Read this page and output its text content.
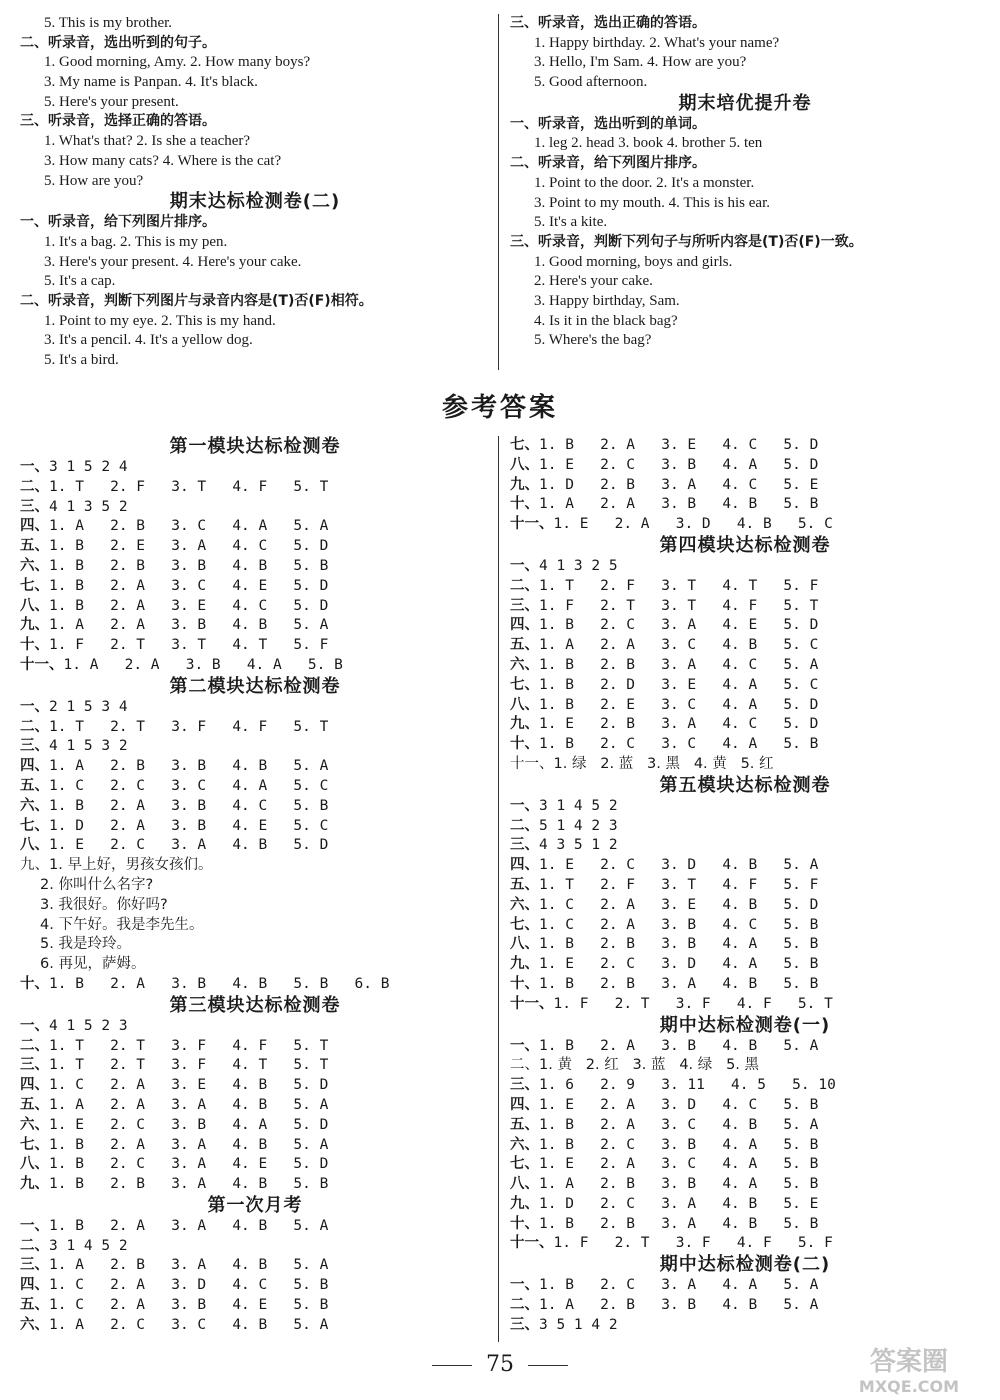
5. This is my brother.
二、听录音，选出听到的句子。
1. Good morning, Amy. 2. How many boys?
3. My name is Panpan. 4. It's black.
5. Here's your present.
三、听录音，选择正确的答语。
1. What's that? 2. Is she a teacher?
3. How many cats? 4. Where is the cat?
5. How are you?
期末达标检测卷(二)
一、听录音，给下列图片排序。
1. It's a bag. 2. This is my pen.
3. Here's your present. 4. Here's your cake.
5. It's a cap.
二、听录音，判断下列图片与录音内容是(T)否(F)相符。
1. Point to my eye. 2. This is my hand.
3. It's a pencil. 4. It's a yellow dog.
5. It's a bird.
三、听录音，选出正确的答语。
1. Happy birthday. 2. What's your name?
3. Hello, I'm Sam. 4. How are you?
5. Good afternoon.
期末培优提升卷
一、听录音，选出听到的单词。
1. leg 2. head 3. book 4. brother 5. ten
二、听录音，给下列图片排序。
1. Point to the door. 2. It's a monster.
3. Point to my mouth. 4. This is his ear.
5. It's a kite.
三、听录音，判断下列句子与所听内容是(T)否(F)一致。
1. Good morning, boys and girls.
2. Here's your cake.
3. Happy birthday, Sam.
4. Is it in the black bag?
5. Where's the bag?
参考答案
第一模块达标检测卷
一、3 1 5 2 4
二、1. T   2. F   3. T   4. F   5. T
三、4 1 3 5 2
四、1. A   2. B   3. C   4. A   5. A
五、1. B   2. E   3. A   4. C   5. D
六、1. B   2. B   3. B   4. B   5. B
七、1. B   2. A   3. C   4. E   5. D
八、1. B   2. A   3. E   4. C   5. D
九、1. A   2. A   3. B   4. B   5. A
十、1. F   2. T   3. T   4. T   5. F
十一、1. A   2. A   3. B   4. A   5. B
第二模块达标检测卷
一、2 1 5 3 4
二、1. T   2. T   3. F   4. F   5. T
三、4 1 5 3 2
四、1. A   2. B   3. B   4. B   5. A
五、1. C   2. C   3. C   4. A   5. C
六、1. B   2. A   3. B   4. C   5. B
七、1. D   2. A   3. B   4. E   5. C
八、1. E   2. C   3. A   4. B   5. D
九、1. 早上好，男孩女孩们。
2. 你叫什么名字?
3. 我很好。你好吗?
4. 下午好。我是李先生。
5. 我是玲玲。
6. 再见，萨姆。
十、1. B   2. A   3. B   4. B   5. B   6. B
第三模块达标检测卷
一、4 1 5 2 3
二、1. T   2. T   3. F   4. F   5. T
三、1. T   2. T   3. F   4. T   5. T
四、1. C   2. A   3. E   4. B   5. D
五、1. A   2. A   3. A   4. B   5. A
六、1. E   2. C   3. B   4. A   5. D
七、1. B   2. A   3. A   4. B   5. A
八、1. B   2. C   3. A   4. E   5. D
九、1. B   2. B   3. A   4. B   5. B
第一次月考
一、1. B   2. A   3. A   4. B   5. A
二、3 1 4 5 2
三、1. A   2. B   3. A   4. B   5. A
四、1. C   2. A   3. D   4. C   5. B
五、1. C   2. A   3. B   4. E   5. B
六、1. A   2. C   3. C   4. B   5. A
七、1. B   2. A   3. E   4. C   5. D
八、1. E   2. C   3. B   4. A   5. D
九、1. D   2. B   3. A   4. C   5. E
十、1. A   2. A   3. B   4. B   5. B
十一、1. E   2. A   3. D   4. B   5. C
第四模块达标检测卷
一、4 1 3 2 5
二、1. T   2. F   3. T   4. T   5. F
三、1. F   2. T   3. T   4. F   5. T
四、1. B   2. C   3. A   4. E   5. D
五、1. A   2. A   3. C   4. B   5. C
六、1. B   2. B   3. A   4. C   5. A
七、1. B   2. D   3. E   4. A   5. C
八、1. B   2. E   3. C   4. A   5. D
九、1. E   2. B   3. A   4. C   5. D
十、1. B   2. C   3. C   4. A   5. B
十一、1. 绿   2. 蓝   3. 黑   4. 黄   5. 红
第五模块达标检测卷
一、3 1 4 5 2
二、5 1 4 2 3
三、4 3 5 1 2
四、1. E   2. C   3. D   4. B   5. A
五、1. T   2. F   3. T   4. F   5. F
六、1. C   2. A   3. E   4. B   5. D
七、1. C   2. A   3. B   4. C   5. B
八、1. B   2. B   3. B   4. A   5. B
九、1. E   2. C   3. D   4. A   5. B
十、1. B   2. B   3. A   4. B   5. B
十一、1. F   2. T   3. F   4. F   5. T
期中达标检测卷(一)
一、1. B   2. A   3. B   4. B   5. A
二、1. 黄   2. 红   3. 蓝   4. 绿   5. 黑
三、1. 6   2. 9   3. 11   4. 5   5. 10
四、1. E   2. A   3. D   4. C   5. B
五、1. B   2. A   3. C   4. B   5. A
六、1. B   2. C   3. B   4. A   5. B
七、1. E   2. A   3. C   4. A   5. B
八、1. A   2. B   3. B   4. A   5. B
九、1. D   2. C   3. A   4. B   5. E
十、1. B   2. B   3. A   4. B   5. B
十一、1. F   2. T   3. F   4. F   5. F
期中达标检测卷(二)
一、1. B   2. C   3. A   4. A   5. A
二、1. A   2. B   3. B   4. B   5. A
三、3 5 1 4 2
75	答案圈
MXQE.COM
